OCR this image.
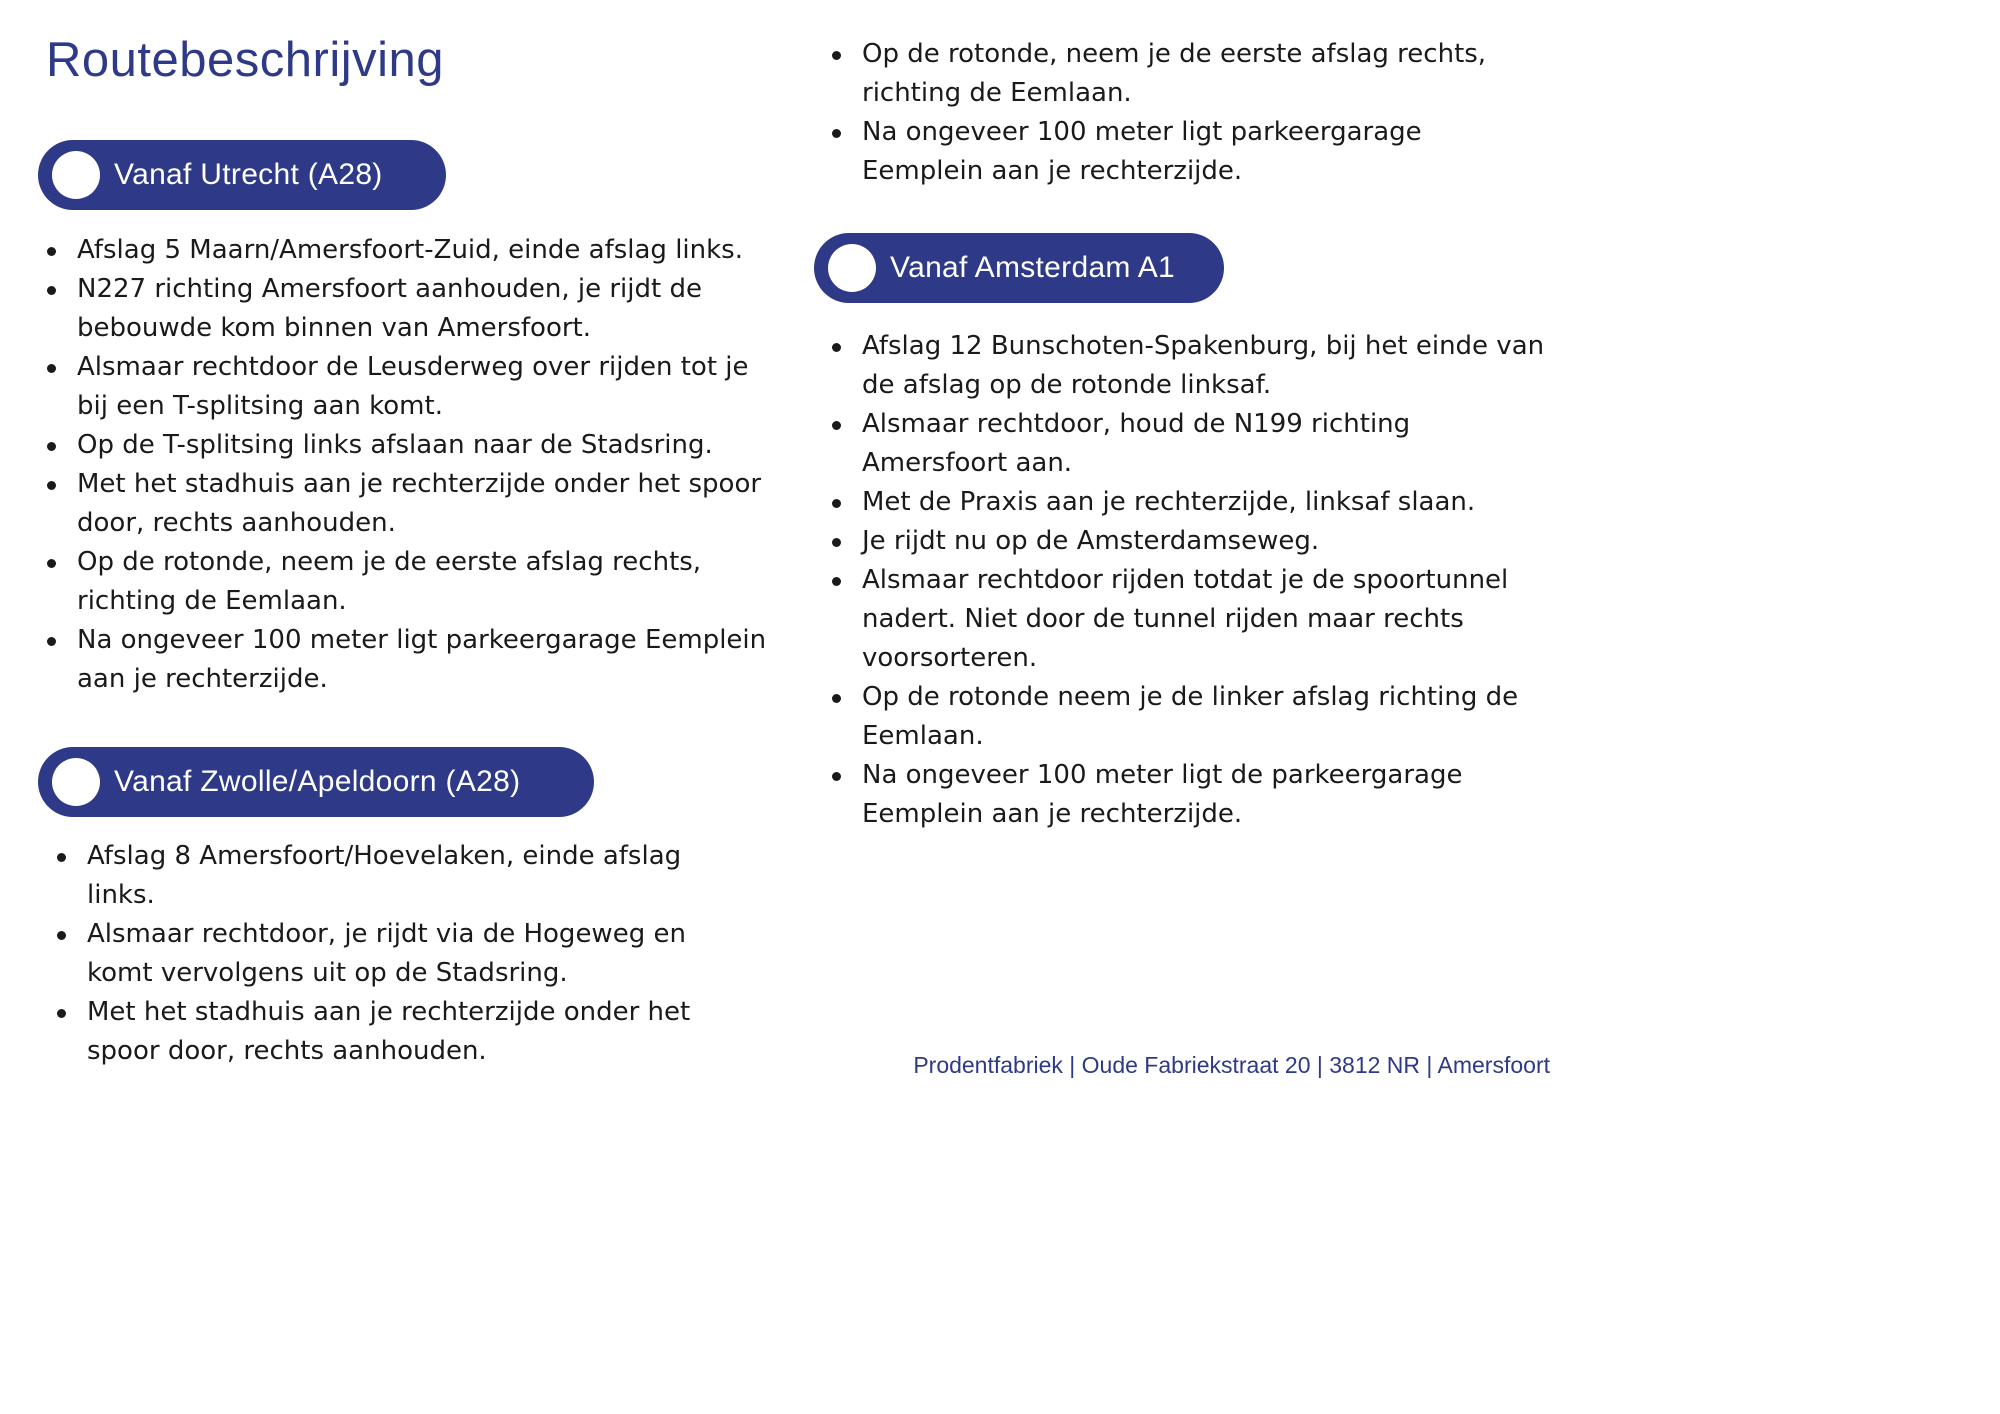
Routebeschrijving
Vanaf Utrecht (A28)
Afslag 5 Maarn/Amersfoort-Zuid, einde afslag links.
N227 richting Amersfoort aanhouden, je rijdt de bebouwde kom binnen van Amersfoort.
Alsmaar rechtdoor de Leusderweg over rijden tot je bij een T-splitsing aan komt.
Op de T-splitsing links afslaan naar de Stadsring.
Met het stadhuis aan je rechterzijde onder het spoor door, rechts aanhouden.
Op de rotonde, neem je de eerste afslag rechts, richting de Eemlaan.
Na ongeveer 100 meter ligt parkeergarage Eemplein aan je rechterzijde.
Vanaf Zwolle/Apeldoorn (A28)
Afslag 8 Amersfoort/Hoevelaken, einde afslag links.
Alsmaar rechtdoor, je rijdt via de Hogeweg en komt vervolgens uit op de Stadsring.
Met het stadhuis aan je rechterzijde onder het spoor door, rechts aanhouden.
Op de rotonde, neem je de eerste afslag rechts, richting de Eemlaan.
Na ongeveer 100 meter ligt parkeergarage Eemplein aan je rechterzijde.
Vanaf Amsterdam A1
Afslag 12 Bunschoten-Spakenburg, bij het einde van de afslag op de rotonde linksaf.
Alsmaar rechtdoor, houd de N199 richting Amersfoort aan.
Met de Praxis aan je rechterzijde, linksaf slaan.
Je rijdt nu op de Amsterdamseweg.
Alsmaar rechtdoor rijden totdat je de spoortunnel nadert. Niet door de tunnel rijden maar rechts voorsorteren.
Op de rotonde neem je de linker afslag richting de Eemlaan.
Na ongeveer 100 meter ligt de parkeergarage Eemplein aan je rechterzijde.

Prodentfabriek | Oude Fabriekstraat 20 | 3812 NR | Amersfoort
